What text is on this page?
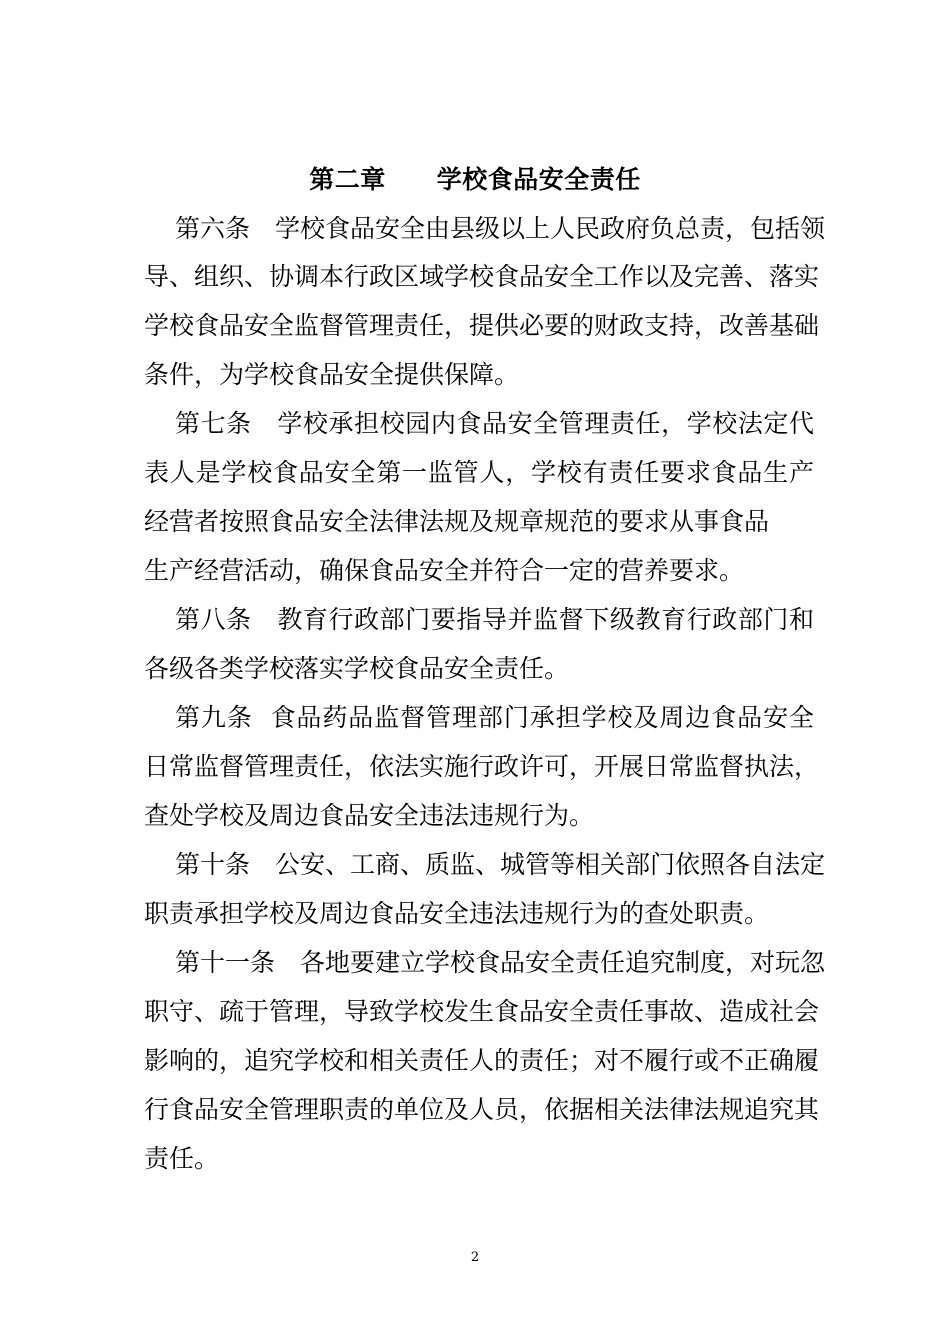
第二章　　学校食品安全责任
第六条　学校食品安全由县级以上人民政府负总责，包括领
导、组织、协调本行政区域学校食品安全工作以及完善、落实
学校食品安全监督管理责任，提供必要的财政支持，改善基础
条件，为学校食品安全提供保障。
第七条　学校承担校园内食品安全管理责任，学校法定代
表人是学校食品安全第一监管人，学校有责任要求食品生产
经营者按照食品安全法律法规及规章规范的要求从事食品
生产经营活动，确保食品安全并符合一定的营养要求。
第八条　教育行政部门要指导并监督下级教育行政部门和
各级各类学校落实学校食品安全责任。
第九条  食品药品监督管理部门承担学校及周边食品安全
日常监督管理责任，依法实施行政许可，开展日常监督执法，
查处学校及周边食品安全违法违规行为。
第十条　公安、工商、质监、城管等相关部门依照各自法定
职责承担学校及周边食品安全违法违规行为的查处职责。
第十一条　各地要建立学校食品安全责任追究制度，对玩忽
职守、疏于管理，导致学校发生食品安全责任事故、造成社会
影响的，追究学校和相关责任人的责任；对不履行或不正确履
行食品安全管理职责的单位及人员，依据相关法律法规追究其
责任。
2
